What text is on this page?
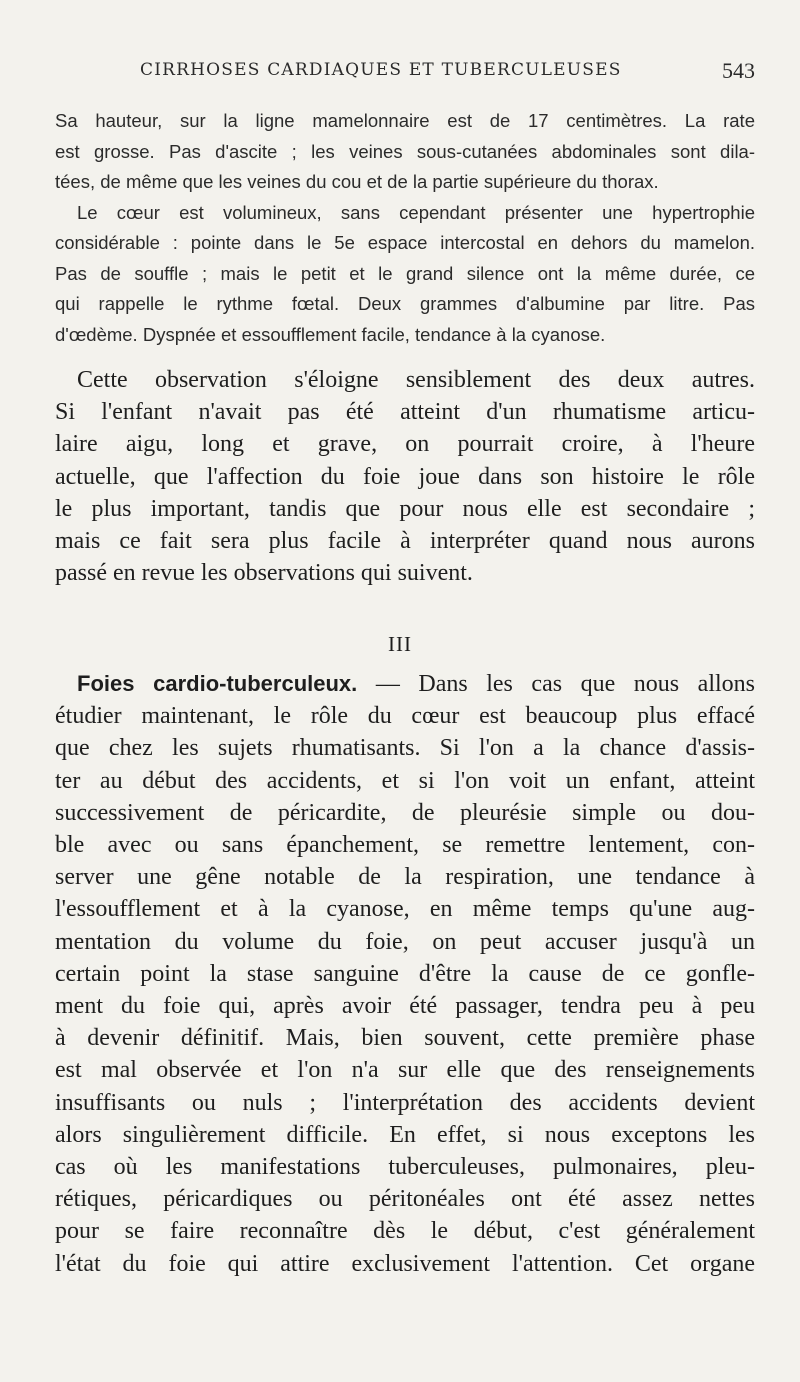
CIRRHOSES CARDIAQUES ET TUBERCULEUSES	543
Sa hauteur, sur la ligne mamelonnaire est de 17 centimètres. La rate
est grosse. Pas d'ascite ; les veines sous-cutanées abdominales sont dila-
tées, de même que les veines du cou et de la partie supérieure du thorax.
Le cœur est volumineux, sans cependant présenter une hypertrophie
considérable : pointe dans le 5e espace intercostal en dehors du mamelon.
Pas de souffle ; mais le petit et le grand silence ont la même durée, ce
qui rappelle le rythme fœtal. Deux grammes d'albumine par litre. Pas
d'œdème. Dyspnée et essoufflement facile, tendance à la cyanose.
Cette observation s'éloigne sensiblement des deux autres.
Si l'enfant n'avait pas été atteint d'un rhumatisme articu-
laire aigu, long et grave, on pourrait croire, à l'heure
actuelle, que l'affection du foie joue dans son histoire le rôle
le plus important, tandis que pour nous elle est secondaire ;
mais ce fait sera plus facile à interpréter quand nous aurons
passé en revue les observations qui suivent.
III
Foies cardio-tuberculeux. — Dans les cas que nous allons
étudier maintenant, le rôle du cœur est beaucoup plus effacé
que chez les sujets rhumatisants. Si l'on a la chance d'assis-
ter au début des accidents, et si l'on voit un enfant, atteint
successivement de péricardite, de pleurésie simple ou dou-
ble avec ou sans épanchement, se remettre lentement, con-
server une gêne notable de la respiration, une tendance à
l'essoufflement et à la cyanose, en même temps qu'une aug-
mentation du volume du foie, on peut accuser jusqu'à un
certain point la stase sanguine d'être la cause de ce gonfle-
ment du foie qui, après avoir été passager, tendra peu à peu
à devenir définitif. Mais, bien souvent, cette première phase
est mal observée et l'on n'a sur elle que des renseignements
insuffisants ou nuls ; l'interprétation des accidents devient
alors singulièrement difficile. En effet, si nous exceptons les
cas où les manifestations tuberculeuses, pulmonaires, pleu-
rétiques, péricardiques ou péritonéales ont été assez nettes
pour se faire reconnaître dès le début, c'est généralement
l'état du foie qui attire exclusivement l'attention. Cet organe
